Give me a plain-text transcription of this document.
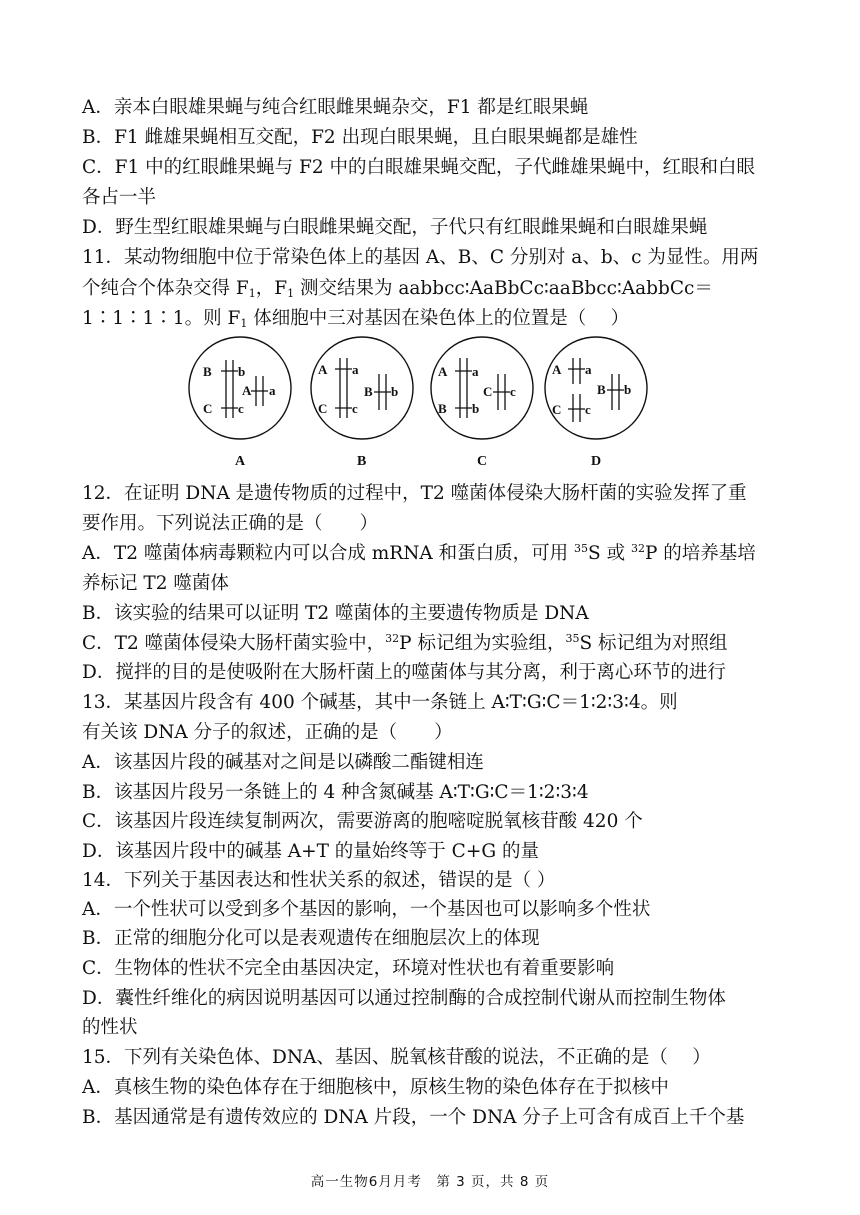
A．亲本白眼雄果蝇与纯合红眼雌果蝇杂交，F1 都是红眼果蝇
B．F1 雌雄果蝇相互交配，F2 出现白眼果蝇，且白眼果蝇都是雄性
C．F1 中的红眼雌果蝇与 F2 中的白眼雄果蝇交配，子代雌雄果蝇中，红眼和白眼
各占一半
D．野生型红眼雄果蝇与白眼雌果蝇交配，子代只有红眼雌果蝇和白眼雄果蝇
11．某动物细胞中位于常染色体上的基因 A、B、C 分别对 a、b、c 为显性。用两
个纯合个体杂交得 $F_1$，$F_1$ 测交结果为 aabbcc∶AaBbCc∶aaBbcc∶AabbCc＝
1∶1∶1∶1。则 $F_1$ 体细胞中三对基因在染色体上的位置是（　 ）
B b
C c
A a
A a
C c
B b
A a
B b
C c
A a
C c
B b
A	B	C	D
12．在证明 DNA 是遗传物质的过程中，T2 噬菌体侵染大肠杆菌的实验发挥了重
要作用。下列说法正确的是（　　）
A．T2 噬菌体病毒颗粒内可以合成 mRNA 和蛋白质，可用 $^{35}$S 或 $^{32}$P 的培养基培
养标记 T2 噬菌体
B．该实验的结果可以证明 T2 噬菌体的主要遗传物质是 DNA
C．T2 噬菌体侵染大肠杆菌实验中，$^{32}$P 标记组为实验组，$^{35}$S 标记组为对照组
D．搅拌的目的是使吸附在大肠杆菌上的噬菌体与其分离，利于离心环节的进行
13．某基因片段含有 400 个碱基，其中一条链上 A∶T∶G∶C＝1∶2∶3∶4。则
有关该 DNA 分子的叙述，正确的是（　　）
A．该基因片段的碱基对之间是以磷酸二酯键相连
B．该基因片段另一条链上的 4 种含氮碱基 A∶T∶G∶C＝1∶2∶3∶4
C．该基因片段连续复制两次，需要游离的胞嘧啶脱氧核苷酸 420 个
D．该基因片段中的碱基 A+T 的量始终等于 C+G 的量
14．下列关于基因表达和性状关系的叙述，错误的是（ ）
A．一个性状可以受到多个基因的影响，一个基因也可以影响多个性状
B．正常的细胞分化可以是表观遗传在细胞层次上的体现
C．生物体的性状不完全由基因决定，环境对性状也有着重要影响
D．囊性纤维化的病因说明基因可以通过控制酶的合成控制代谢从而控制生物体
的性状
15．下列有关染色体、DNA、基因、脱氧核苷酸的说法，不正确的是（　 ）
A．真核生物的染色体存在于细胞核中，原核生物的染色体存在于拟核中
B．基因通常是有遗传效应的 DNA 片段，一个 DNA 分子上可含有成百上千个基
高一生物6月月考　第 3 页，共 8 页
